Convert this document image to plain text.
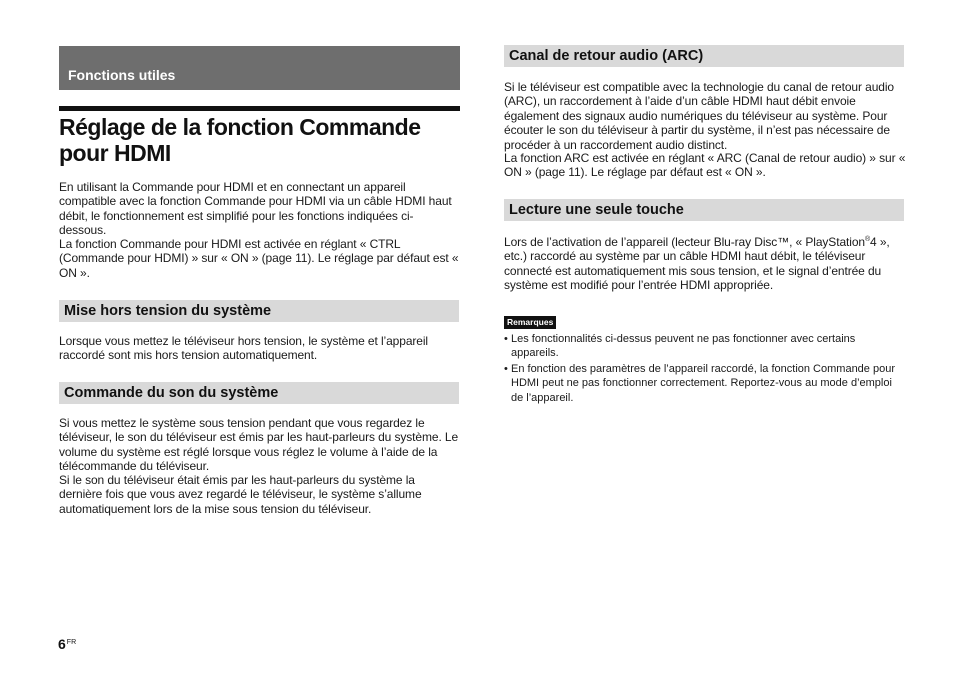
Fonctions utiles
Réglage de la fonction Commande pour HDMI

En utilisant la Commande pour HDMI et en connectant un appareil compatible avec la fonction Commande pour HDMI via un câble HDMI haut débit, le fonctionnement est simplifié pour les fonctions indiquées ci-dessous.

La fonction Commande pour HDMI est activée en réglant « CTRL (Commande pour HDMI) » sur « ON » (page 11). Le réglage par défaut est « ON ».

Mise hors tension du système

Lorsque vous mettez le téléviseur hors tension, le système et l’appareil raccordé sont mis hors tension automatiquement.

Commande du son du système

Si vous mettez le système sous tension pendant que vous regardez le téléviseur, le son du téléviseur est émis par les haut-parleurs du système. Le volume du système est réglé lorsque vous réglez le volume à l’aide de la télécommande du téléviseur.

Si le son du téléviseur était émis par les haut-parleurs du système la dernière fois que vous avez regardé le téléviseur, le système s’allume automatiquement lors de la mise sous tension du téléviseur.

Canal de retour audio (ARC)

Si le téléviseur est compatible avec la technologie du canal de retour audio (ARC), un raccordement à l’aide d’un câble HDMI haut débit envoie également des signaux audio numériques du téléviseur au système. Pour écouter le son du téléviseur à partir du système, il n’est pas nécessaire de procéder à un raccordement audio distinct.

La fonction ARC est activée en réglant « ARC (Canal de retour audio) » sur « ON » (page 11). Le réglage par défaut est « ON ».

Lecture une seule touche

Lors de l’activation de l’appareil (lecteur Blu-ray Disc™, « PlayStation®4 », etc.) raccordé au système par un câble HDMI haut débit, le téléviseur connecté est automatiquement mis sous tension, et le signal d’entrée du système est modifié pour l’entrée HDMI appropriée.

Remarques
• Les fonctionnalités ci-dessus peuvent ne pas fonctionner avec certains appareils.
• En fonction des paramètres de l’appareil raccordé, la fonction Commande pour HDMI peut ne pas fonctionner correctement. Reportez-vous au mode d’emploi de l’appareil.
$6^{FR}$
